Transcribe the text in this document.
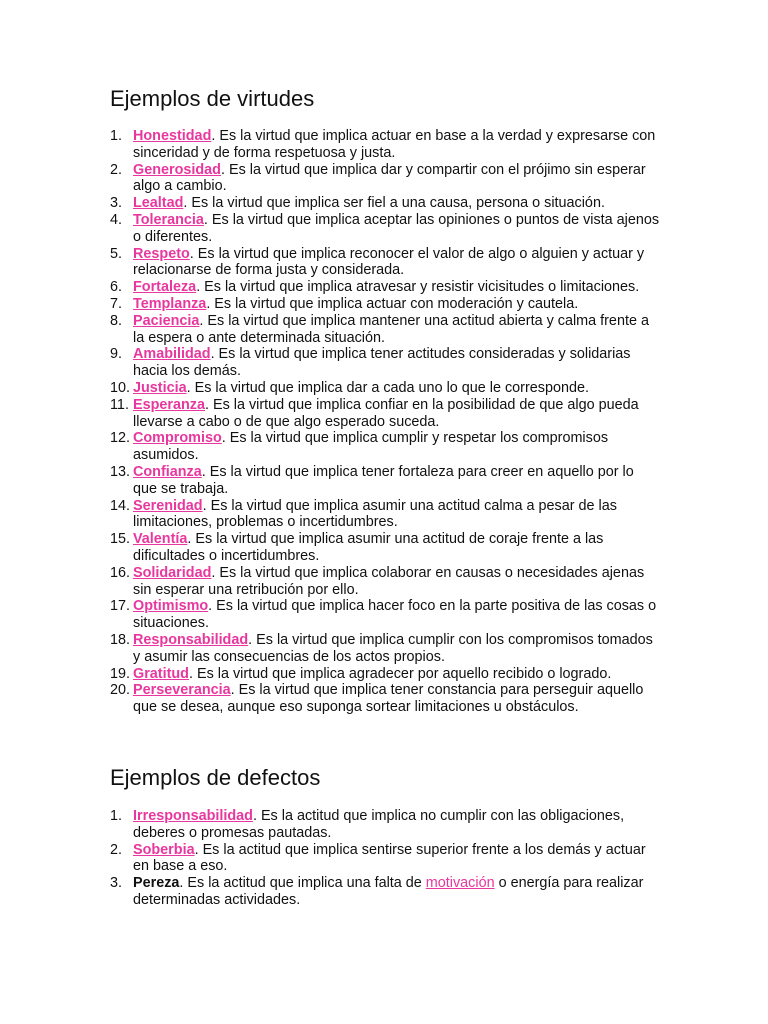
Ejemplos de virtudes
1. Honestidad. Es la virtud que implica actuar en base a la verdad y expresarse con sinceridad y de forma respetuosa y justa.
2. Generosidad. Es la virtud que implica dar y compartir con el prójimo sin esperar algo a cambio.
3. Lealtad. Es la virtud que implica ser fiel a una causa, persona o situación.
4. Tolerancia. Es la virtud que implica aceptar las opiniones o puntos de vista ajenos o diferentes.
5. Respeto. Es la virtud que implica reconocer el valor de algo o alguien y actuar y relacionarse de forma justa y considerada.
6. Fortaleza. Es la virtud que implica atravesar y resistir vicisitudes o limitaciones.
7. Templanza. Es la virtud que implica actuar con moderación y cautela.
8. Paciencia. Es la virtud que implica mantener una actitud abierta y calma frente a la espera o ante determinada situación.
9. Amabilidad. Es la virtud que implica tener actitudes consideradas y solidarias hacia los demás.
10. Justicia. Es la virtud que implica dar a cada uno lo que le corresponde.
11. Esperanza. Es la virtud que implica confiar en la posibilidad de que algo pueda llevarse a cabo o de que algo esperado suceda.
12. Compromiso. Es la virtud que implica cumplir y respetar los compromisos asumidos.
13. Confianza. Es la virtud que implica tener fortaleza para creer en aquello por lo que se trabaja.
14. Serenidad. Es la virtud que implica asumir una actitud calma a pesar de las limitaciones, problemas o incertidumbres.
15. Valentía. Es la virtud que implica asumir una actitud de coraje frente a las dificultades o incertidumbres.
16. Solidaridad. Es la virtud que implica colaborar en causas o necesidades ajenas sin esperar una retribución por ello.
17. Optimismo. Es la virtud que implica hacer foco en la parte positiva de las cosas o situaciones.
18. Responsabilidad. Es la virtud que implica cumplir con los compromisos tomados y asumir las consecuencias de los actos propios.
19. Gratitud. Es la virtud que implica agradecer por aquello recibido o logrado.
20. Perseverancia. Es la virtud que implica tener constancia para perseguir aquello que se desea, aunque eso suponga sortear limitaciones u obstáculos.
Ejemplos de defectos
1. Irresponsabilidad. Es la actitud que implica no cumplir con las obligaciones, deberes o promesas pautadas.
2. Soberbia. Es la actitud que implica sentirse superior frente a los demás y actuar en base a eso.
3. Pereza. Es la actitud que implica una falta de motivación o energía para realizar determinadas actividades.
